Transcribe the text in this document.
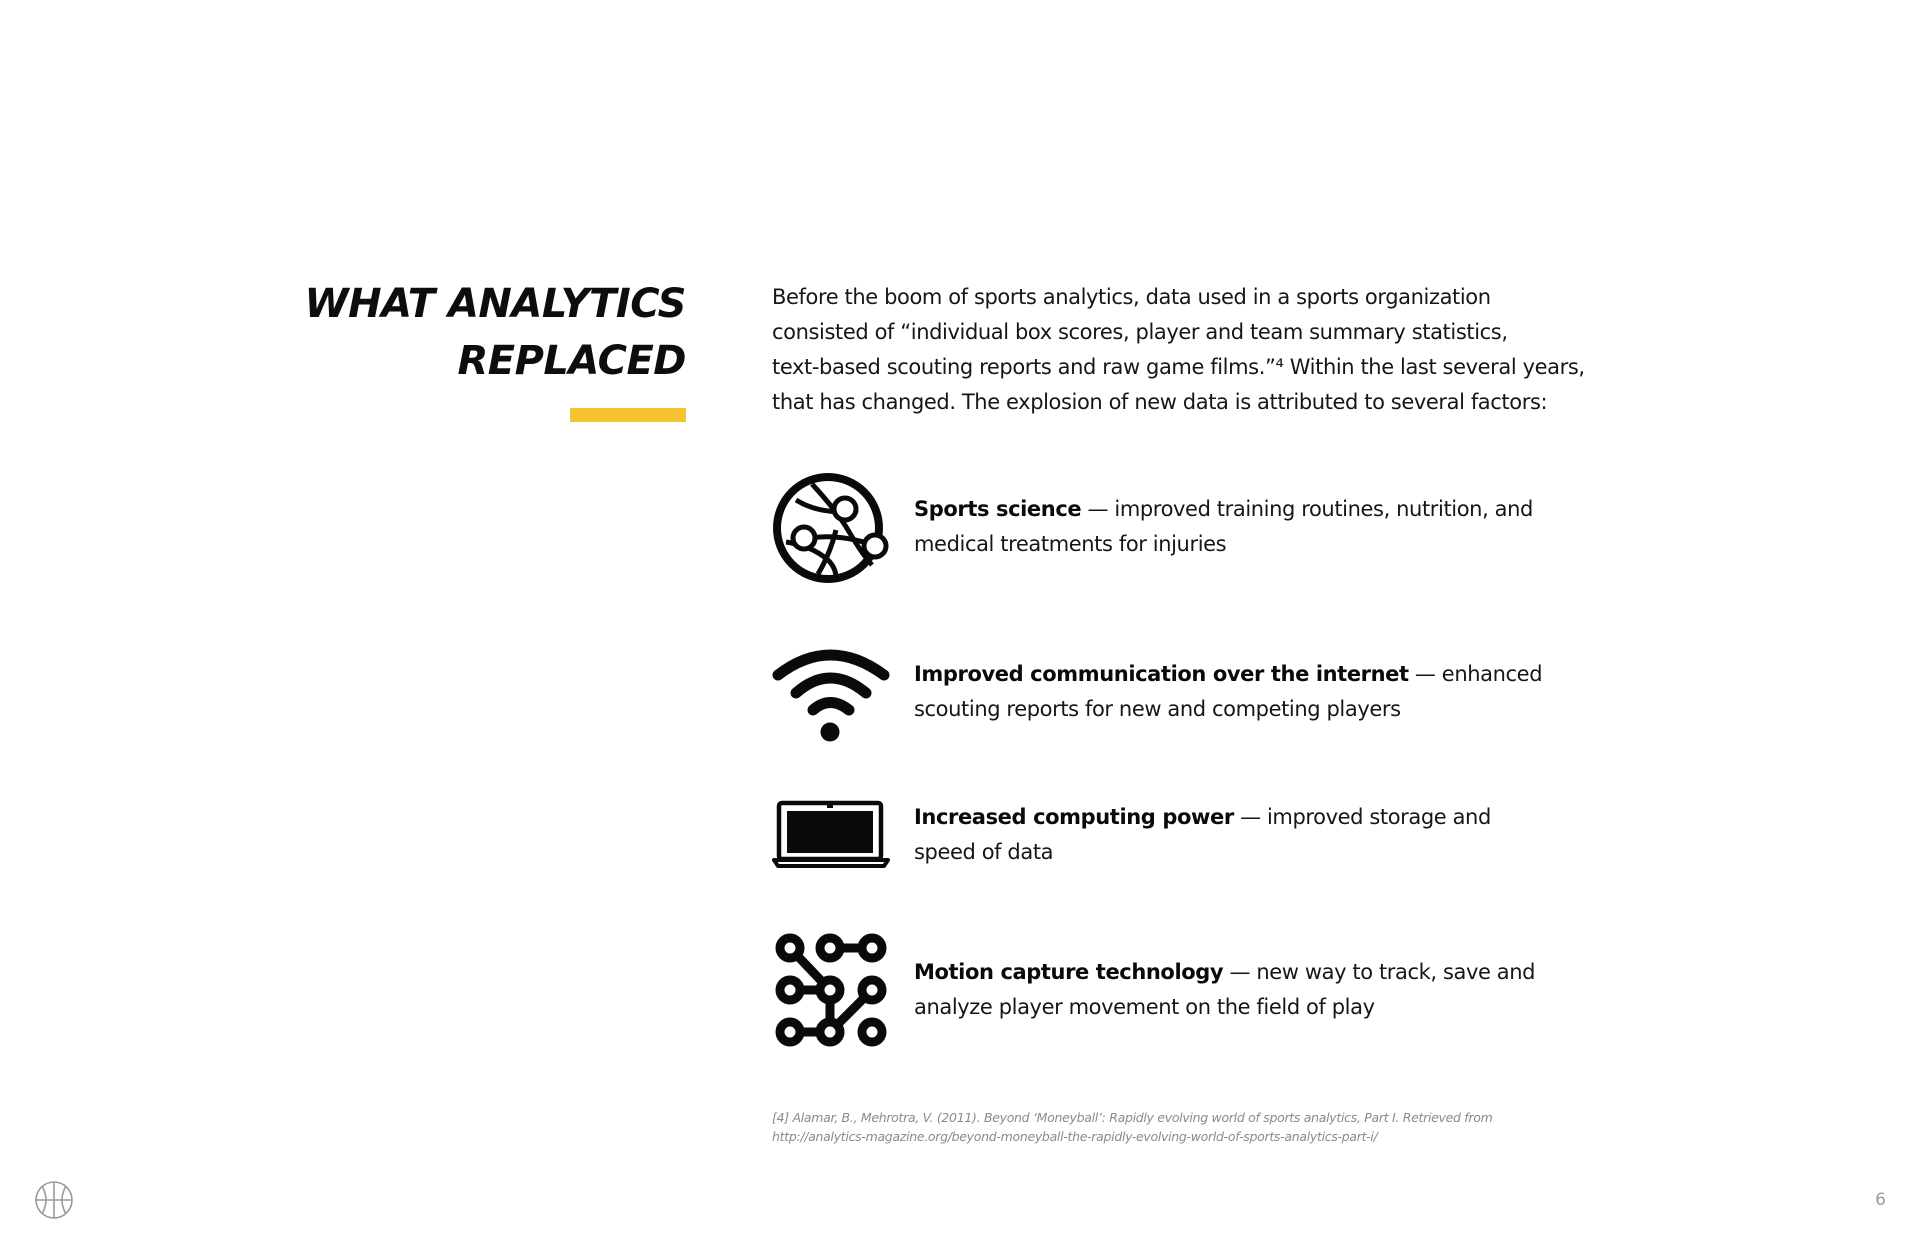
WHAT ANALYTICS
REPLACED

Before the boom of sports analytics, data used in a sports organization
consisted of “individual box scores, player and team summary statistics,
text-based scouting reports and raw game films.”⁴ Within the last several years,
that has changed. The explosion of new data is attributed to several factors:

Sports science — improved training routines, nutrition, and
medical treatments for injuries

Improved communication over the internet — enhanced
scouting reports for new and competing players

Increased computing power — improved storage and
speed of data

Motion capture technology — new way to track, save and
analyze player movement on the field of play

[4] Alamar, B., Mehrotra, V. (2011). Beyond ‘Moneyball’: Rapidly evolving world of sports analytics, Part I. Retrieved from
http://analytics-magazine.org/beyond-moneyball-the-rapidly-evolving-world-of-sports-analytics-part-i/

6
